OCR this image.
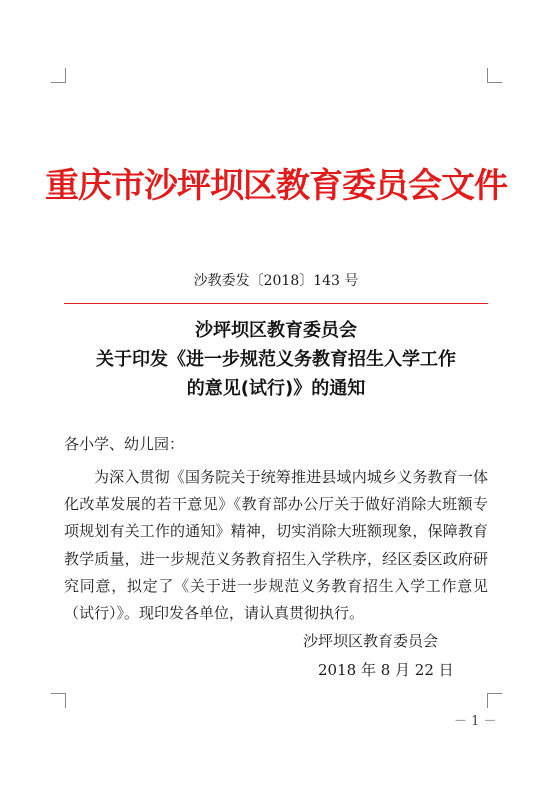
重庆市沙坪坝区教育委员会文件
沙教委发〔2018〕143 号
沙坪坝区教育委员会
关于印发《进一步规范义务教育招生入学工作
的意见(试行)》的通知
各小学、幼儿园：
为深入贯彻《国务院关于统筹推进县域内城乡义务教育一体化改革发展的若干意见》《教育部办公厅关于做好消除大班额专项规划有关工作的通知》精神，切实消除大班额现象，保障教育教学质量，进一步规范义务教育招生入学秩序，经区委区政府研究同意，拟定了《关于进一步规范义务教育招生入学工作意见（试行）》。现印发各单位，请认真贯彻执行。
沙坪坝区教育委员会
2018 年 8 月 22 日
－ 1 －
